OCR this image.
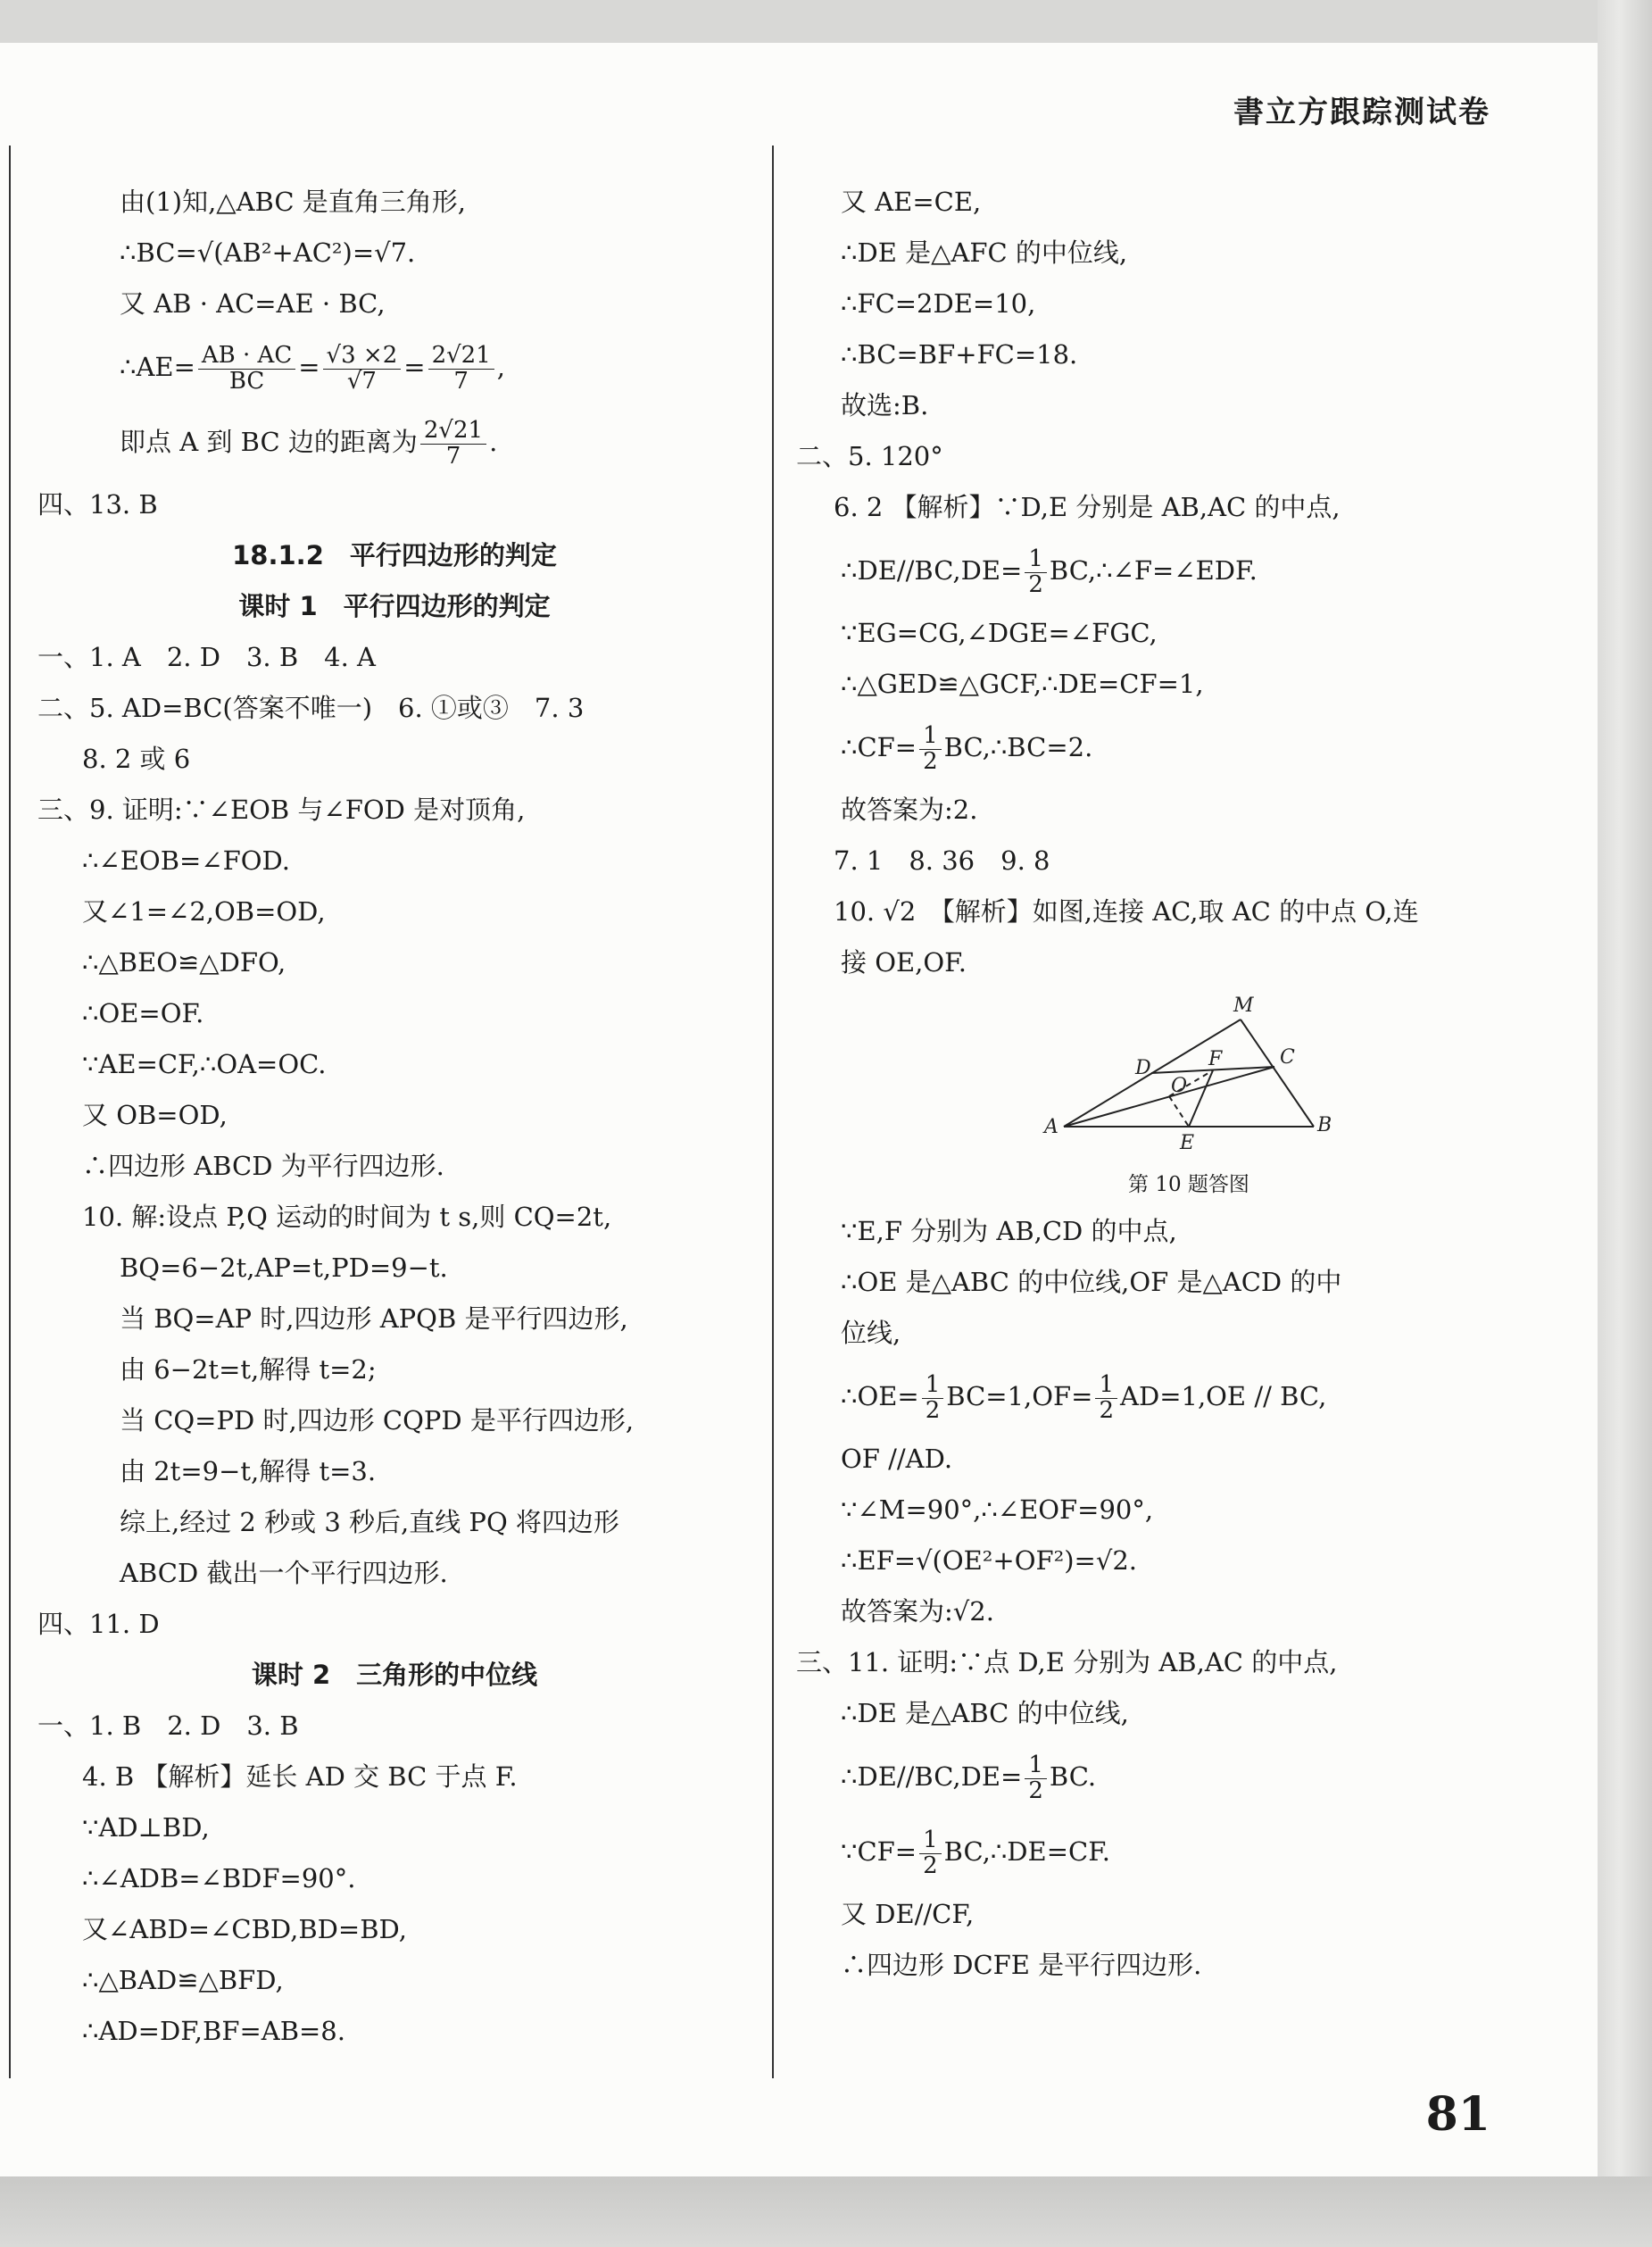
書立方跟踪测试卷

由(1)知,△ABC 是直角三角形,

∴BC=√(AB²+AC²)=√7.

又 AB · AC=AE · BC,

∴AE= $\frac{AB \cdot AC}{BC} = \frac{√3 \times 2}{√7} = \frac{2√21}{7}$ ,

即点 A 到 BC 边的距离为 $\frac{2√21}{7}$ .

四、13. B

18.1.2　平行四边形的判定

课时 1　平行四边形的判定

一、1. A　2. D　3. B　4. A

二、5. AD=BC(答案不唯一)　6. ①或③　7. 3

8. 2 或 6

三、9. 证明:∵∠EOB 与∠FOD 是对顶角,

∴∠EOB=∠FOD.

又∠1=∠2,OB=OD,

∴△BEO≌△DFO,

∴OE=OF.

∵AE=CF,∴OA=OC.

又 OB=OD,

∴四边形 ABCD 为平行四边形.

10. 解:设点 P,Q 运动的时间为 t s,则 CQ=2t,

BQ=6−2t,AP=t,PD=9−t.

当 BQ=AP 时,四边形 APQB 是平行四边形,

由 6−2t=t,解得 t=2;

当 CQ=PD 时,四边形 CQPD 是平行四边形,

由 2t=9−t,解得 t=3.

综上,经过 2 秒或 3 秒后,直线 PQ 将四边形

ABCD 截出一个平行四边形.

四、11. D

课时 2　三角形的中位线

一、1. B　2. D　3. B

4. B 【解析】延长 AD 交 BC 于点 F.

∵AD⊥BD,

∴∠ADB=∠BDF=90°.

又∠ABD=∠CBD,BD=BD,

∴△BAD≌△BFD,

∴AD=DF,BF=AB=8.

又 AE=CE,

∴DE 是△AFC 的中位线,

∴FC=2DE=10,

∴BC=BF+FC=18.

故选:B.

二、5. 120°

6. 2 【解析】∵D,E 分别是 AB,AC 的中点,

∴DE//BC,DE= $\frac{1}{2}$ BC,∴∠F=∠EDF.

∵EG=CG,∠DGE=∠FGC,

∴△GED≌△GCF,∴DE=CF=1,

∴CF= $\frac{1}{2}$ BC,∴BC=2.

故答案为:2.

7. 1　8. 36　9. 8

10. √2　【解析】如图,连接 AC,取 AC 的中点 O,连

接 OE,OF.

M
C
D	F
O
A
E
B
第 10 题答图

∵E,F 分别为 AB,CD 的中点,

∴OE 是△ABC 的中位线,OF 是△ACD 的中

位线,

∴OE= $\frac{1}{2} BC=1,OF= \frac{1}{2} AD=1,OE$ // BC,

OF //AD.

∵∠M=90°,∴∠EOF=90°,

∴EF=√(OE²+OF²)=√2.

故答案为:√2.

三、11. 证明:∵点 D,E 分别为 AB,AC 的中点,

∴DE 是△ABC 的中位线,

∴DE//BC,DE= $\frac{1}{2}$ BC.

∵CF= $\frac{1}{2}$ BC,∴DE=CF.

又 DE//CF,

∴四边形 DCFE 是平行四边形.

81
